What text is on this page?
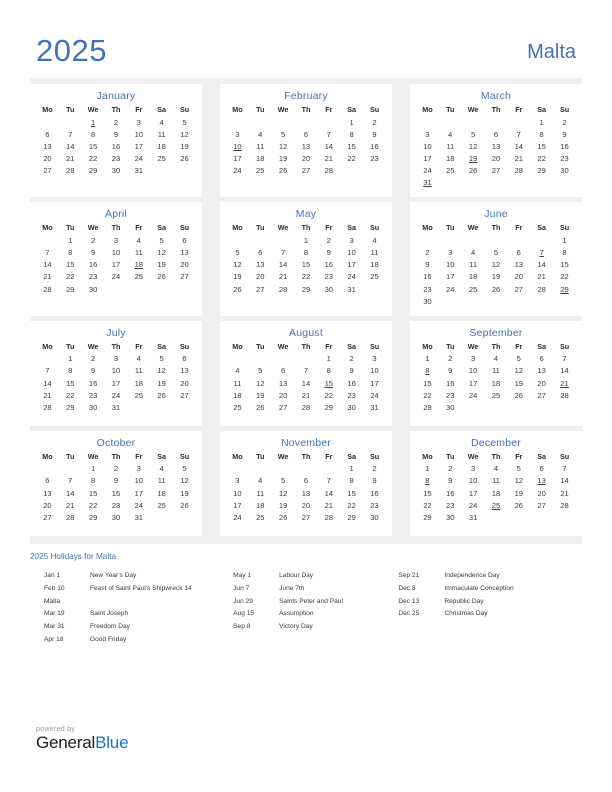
2025	Malta
January
Mo	Tu	We	Th	Fr	Sa	Su
		1	2	3	4	5
6	7	8	9	10	11	12
13	14	15	16	17	18	19
20	21	22	23	24	25	26
27	28	29	30	31		
February
Mo	Tu	We	Th	Fr	Sa	Su
					1	2
3	4	5	6	7	8	9
10	11	12	13	14	15	16
17	18	19	20	21	22	23
24	25	26	27	28		
March
Mo	Tu	We	Th	Fr	Sa	Su
					1	2
3	4	5	6	7	8	9
10	11	12	13	14	15	16
17	18	19	20	21	22	23
24	25	26	27	28	29	30
31						
April
Mo	Tu	We	Th	Fr	Sa	Su
	1	2	3	4	5	6
7	8	9	10	11	12	13
14	15	16	17	18	19	20
21	22	23	24	25	26	27
28	29	30				
May
Mo	Tu	We	Th	Fr	Sa	Su
			1	2	3	4
5	6	7	8	9	10	11
12	13	14	15	16	17	18
19	20	21	22	23	24	25
26	27	28	29	30	31	
June
Mo	Tu	We	Th	Fr	Sa	Su
						1
2	3	4	5	6	7	8
9	10	11	12	13	14	15
16	17	18	19	20	21	22
23	24	25	26	27	28	29
30						
July
Mo	Tu	We	Th	Fr	Sa	Su
	1	2	3	4	5	6
7	8	9	10	11	12	13
14	15	16	17	18	19	20
21	22	23	24	25	26	27
28	29	30	31			
August
Mo	Tu	We	Th	Fr	Sa	Su
				1	2	3
4	5	6	7	8	9	10
11	12	13	14	15	16	17
18	19	20	21	22	23	24
25	26	27	28	29	30	31
September
Mo	Tu	We	Th	Fr	Sa	Su
1	2	3	4	5	6	7
8	9	10	11	12	13	14
15	16	17	18	19	20	21
22	23	24	25	26	27	28
29	30					
October
Mo	Tu	We	Th	Fr	Sa	Su
		1	2	3	4	5
6	7	8	9	10	11	12
13	14	15	16	17	18	19
20	21	22	23	24	25	26
27	28	29	30	31		
November
Mo	Tu	We	Th	Fr	Sa	Su
					1	2
3	4	5	6	7	8	9
10	11	12	13	14	15	16
17	18	19	20	21	22	23
24	25	26	27	28	29	30
December
Mo	Tu	We	Th	Fr	Sa	Su
1	2	3	4	5	6	7
8	9	10	11	12	13	14
15	16	17	18	19	20	21
22	23	24	25	26	27	28
29	30	31				
2025 Holidays for Malta
Jan 1	New Year's Day
Feb 10	Feast of Saint Paul's Shipwreck 14
Malta
Mar 19	Saint Joseph
Mar 31	Freedom Day
Apr 18	Good Friday
May 1	Labour Day
Jun 7	June 7th
Jun 29	Saints Peter and Paul
Aug 15	Assumption
Sep 8	Victory Day
Sep 21	Independence Day
Dec 8	Immaculate Conception
Dec 13	Republic Day
Dec 25	Christmas Day
powered by
GeneralBlue
